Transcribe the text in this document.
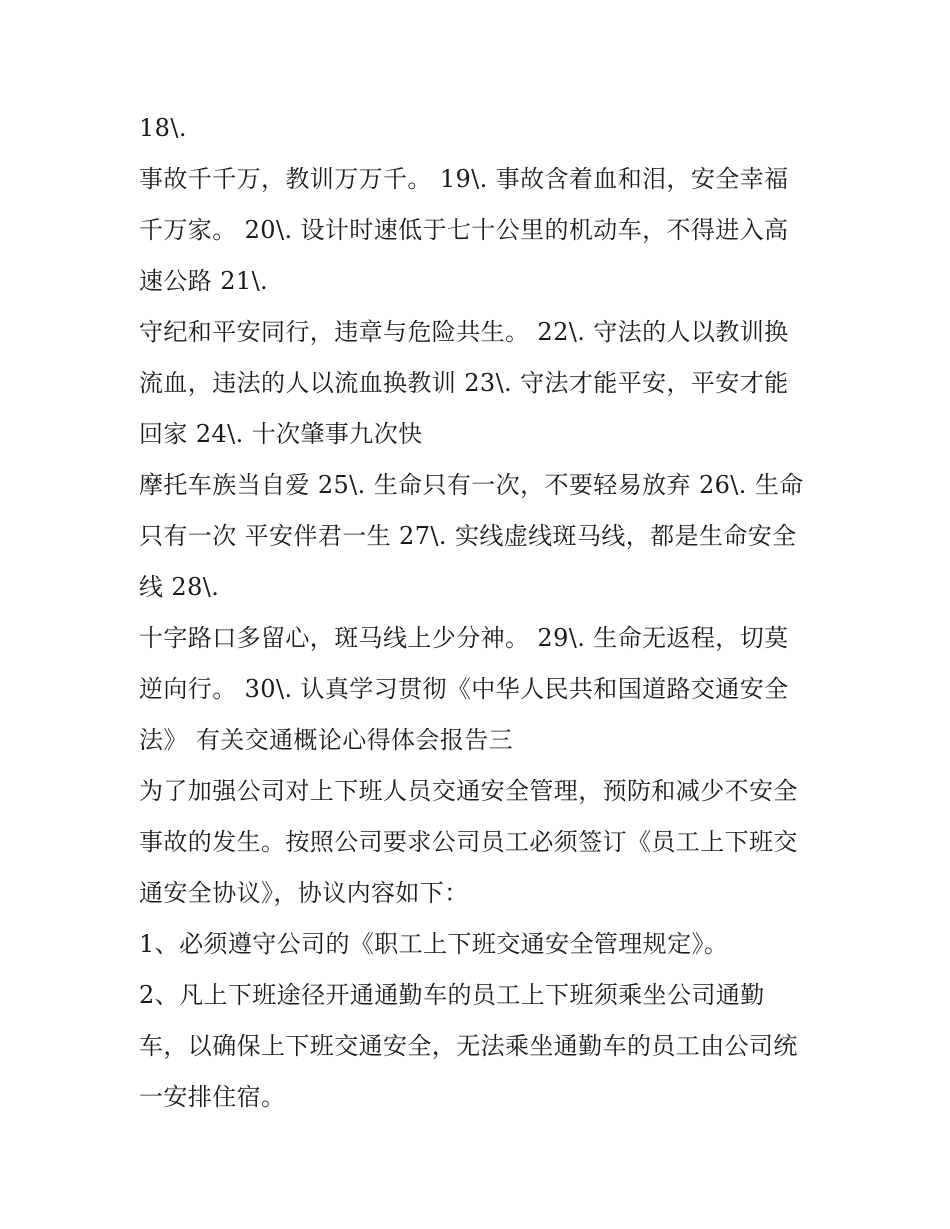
18\.
事故千千万，教训万万千。 19\. 事故含着血和泪，安全幸福
千万家。 20\. 设计时速低于七十公里的机动车，不得进入高
速公路 21\.
守纪和平安同行，违章与危险共生。 22\. 守法的人以教训换
流血，违法的人以流血换教训 23\. 守法才能平安，平安才能
回家 24\. 十次肇事九次快
摩托车族当自爱 25\. 生命只有一次，不要轻易放弃 26\. 生命
只有一次 平安伴君一生 27\. 实线虚线斑马线，都是生命安全
线 28\.
十字路口多留心，斑马线上少分神。 29\. 生命无返程，切莫
逆向行。 30\. 认真学习贯彻《中华人民共和国道路交通安全
法》 有关交通概论心得体会报告三
为了加强公司对上下班人员交通安全管理，预防和减少不安全
事故的发生。按照公司要求公司员工必须签订《员工上下班交
通安全协议》，协议内容如下：
1、必须遵守公司的《职工上下班交通安全管理规定》。
2、凡上下班途径开通通勤车的员工上下班须乘坐公司通勤
车，以确保上下班交通安全，无法乘坐通勤车的员工由公司统
一安排住宿。
